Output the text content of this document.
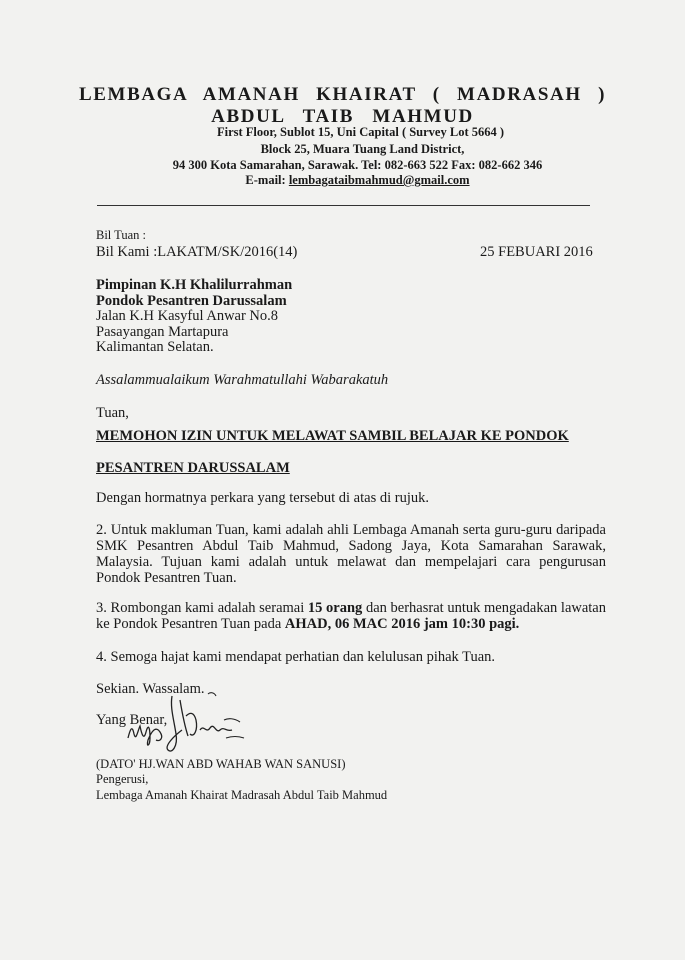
LEMBAGA AMANAH KHAIRAT ( MADRASAH )
ABDUL TAIB MAHMUD
First Floor, Sublot 15, Uni Capital ( Survey Lot 5664 )
Block 25, Muara Tuang Land District,
94 300 Kota Samarahan, Sarawak. Tel: 082-663 522 Fax: 082-662 346
E-mail: lembagataibmahmud@gmail.com
Bil Tuan :
Bil Kami :LAKATM/SK/2016(14)	25 FEBUARI 2016
Pimpinan K.H Khalilurrahman
Pondok Pesantren Darussalam
Jalan K.H Kasyful Anwar No.8
Pasayangan Martapura
Kalimantan Selatan.
Assalammualaikum Warahmatullahi Wabarakatuh
Tuan,
MEMOHON IZIN UNTUK MELAWAT SAMBIL BELAJAR KE PONDOK
PESANTREN DARUSSALAM
Dengan hormatnya perkara yang tersebut di atas di rujuk.
2. Untuk makluman Tuan, kami adalah ahli Lembaga Amanah serta guru-guru daripada SMK Pesantren Abdul Taib Mahmud, Sadong Jaya, Kota Samarahan Sarawak, Malaysia. Tujuan kami adalah untuk melawat dan mempelajari cara pengurusan Pondok Pesantren Tuan.
3. Rombongan kami adalah seramai 15 orang dan berhasrat untuk mengadakan lawatan ke Pondok Pesantren Tuan pada AHAD, 06 MAC 2016 jam 10:30 pagi.
4. Semoga hajat kami mendapat perhatian dan kelulusan pihak Tuan.
Sekian. Wassalam.
Yang Benar,
(DATO' HJ.WAN ABD WAHAB WAN SANUSI)
Pengerusi,
Lembaga Amanah Khairat Madrasah Abdul Taib Mahmud
